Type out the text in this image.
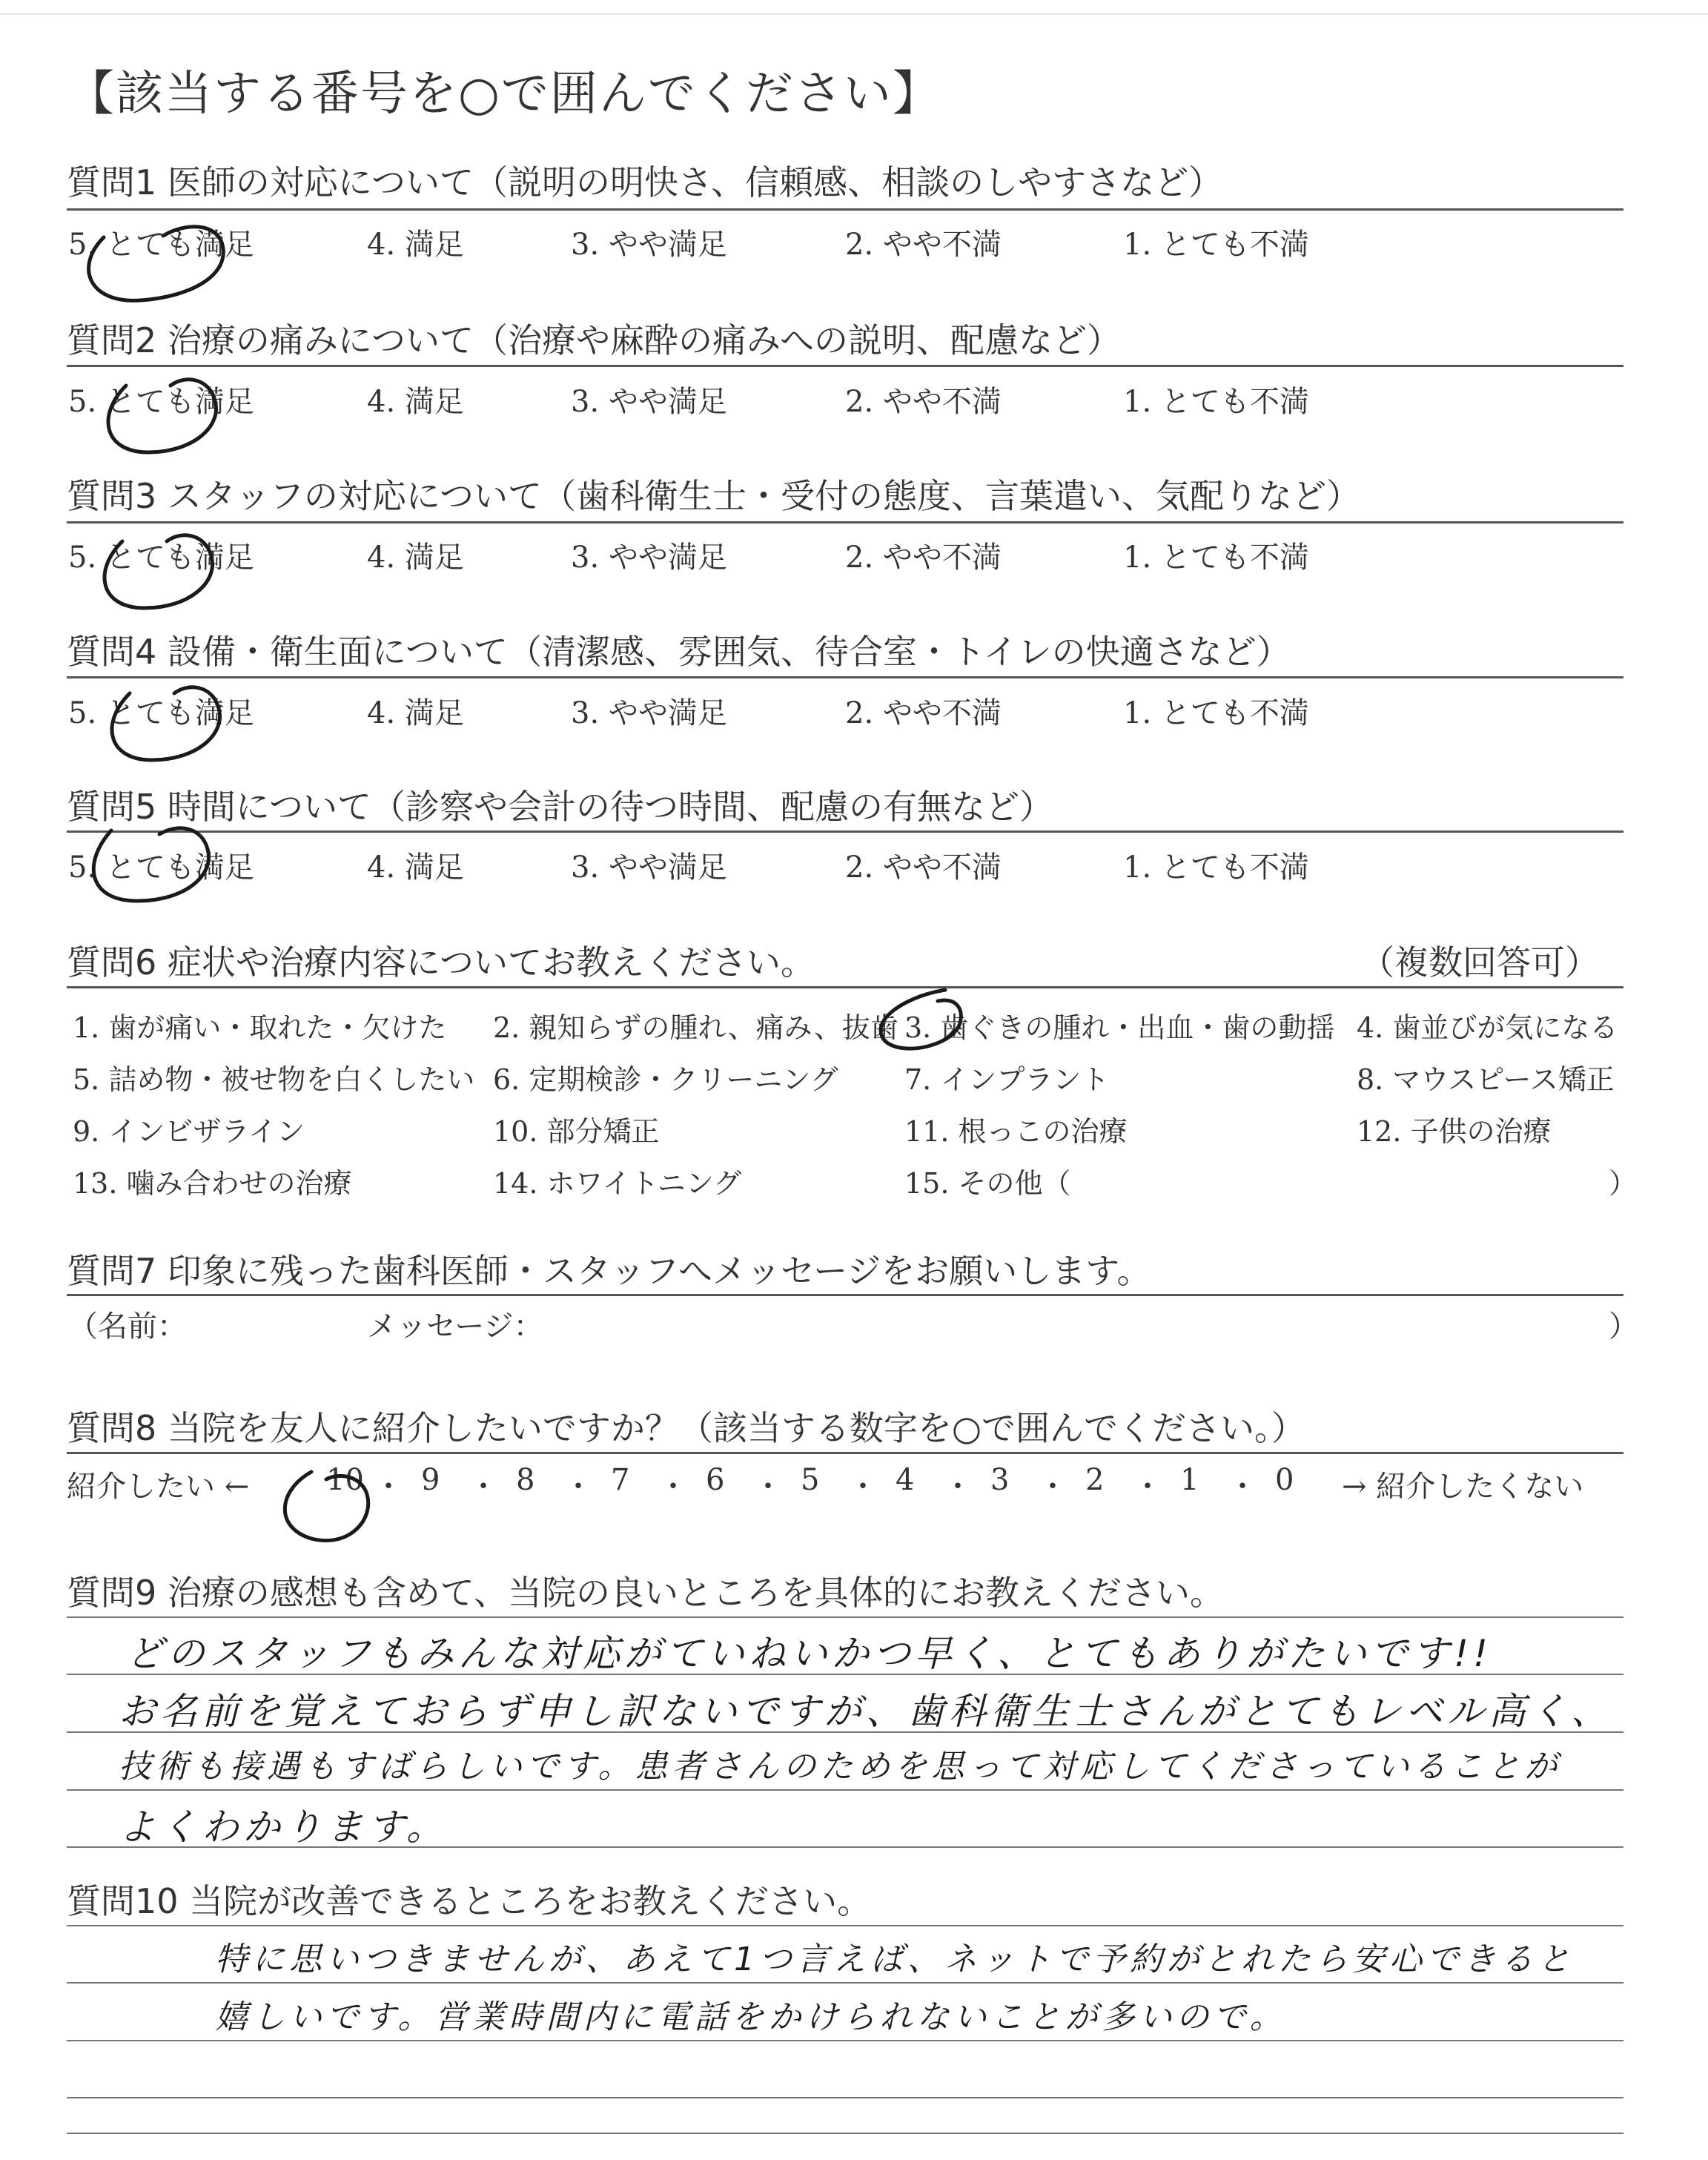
【該当する番号を○で囲んでください】
質問1 医師の対応について（説明の明快さ、信頼感、相談のしやすさなど）
5. とても満足	4. 満足	3. やや満足	2. やや不満	1. とても不満
質問2 治療の痛みについて（治療や麻酔の痛みへの説明、配慮など）
5. とても満足	4. 満足	3. やや満足	2. やや不満	1. とても不満
質問3 スタッフの対応について（歯科衛生士・受付の態度、言葉遣い、気配りなど）
5. とても満足	4. 満足	3. やや満足	2. やや不満	1. とても不満
質問4 設備・衛生面について（清潔感、雰囲気、待合室・トイレの快適さなど）
5. とても満足	4. 満足	3. やや満足	2. やや不満	1. とても不満
質問5 時間について（診察や会計の待つ時間、配慮の有無など）
5. とても満足	4. 満足	3. やや満足	2. やや不満	1. とても不満
質問6 症状や治療内容についてお教えください。	（複数回答可）
1. 歯が痛い・取れた・欠けた 2. 親知らずの腫れ、痛み、抜歯 3. 歯ぐきの腫れ・出血・歯の動揺 4. 歯並びが気になる
5. 詰め物・被せ物を白くしたい 6. 定期検診・クリーニング 7. インプラント	8. マウスピース矯正
9. インビザライン	10. 部分矯正	11. 根っこの治療	12. 子供の治療
13. 噛み合わせの治療	14. ホワイトニング	15. その他（	）
質問7 印象に残った歯科医師・スタッフへメッセージをお願いします。
（名前：	メッセージ：	）
質問8 当院を友人に紹介したいですか？（該当する数字を○で囲んでください。）
紹介したい ←	10 ・ 9 ・ 8 ・ 7 ・ 6 ・ 5 ・ 4 ・ 3 ・ 2 ・ 1 ・ 0 → 紹介したくない
質問9 治療の感想も含めて、当院の良いところを具体的にお教えください。
どのスタッフもみんな対応がていねいかつ早く、とてもありがたいです!!
お名前を覚えておらず申し訳ないですが、歯科衛生士さんがとてもレベル高く、
技術も接遇もすばらしいです。患者さんのためを思って対応してくださっていることが
よくわかります。
質問10 当院が改善できるところをお教えください。
特に思いつきませんが、あえて1つ言えば、ネットで予約がとれたら安心できると
嬉しいです。営業時間内に電話をかけられないことが多いので。
